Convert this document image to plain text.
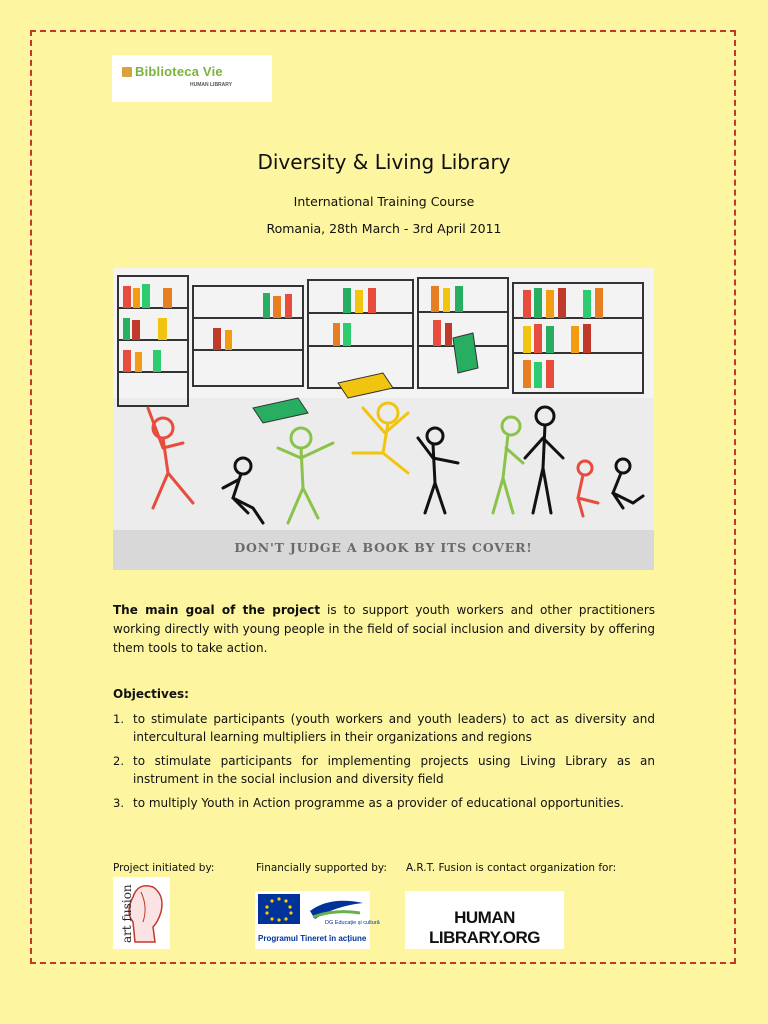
Biblioteca Vie
HUMAN LIBRARY
Diversity & Living Library
International Training Course
Romania, 28th March - 3rd April 2011
DON'T JUDGE A BOOK BY ITS COVER!
The main goal of the project is to support youth workers and other practitioners working directly with young people in the field of social inclusion and diversity by offering them tools to take action.
Objectives:
1. to stimulate participants (youth workers and youth leaders) to act as diversity and intercultural learning multipliers in their organizations and regions
2. to stimulate participants for implementing projects using Living Library as an instrument in the social inclusion and diversity field
3. to multiply Youth in Action programme as a provider of educational opportunities.
Project initiated by:	Financially supported by: A.R.T. Fusion is contact organization for:
art fusion	DG Educație și cultură
Programul Tineret în acțiune
HUMAN LIBRARY.ORG
